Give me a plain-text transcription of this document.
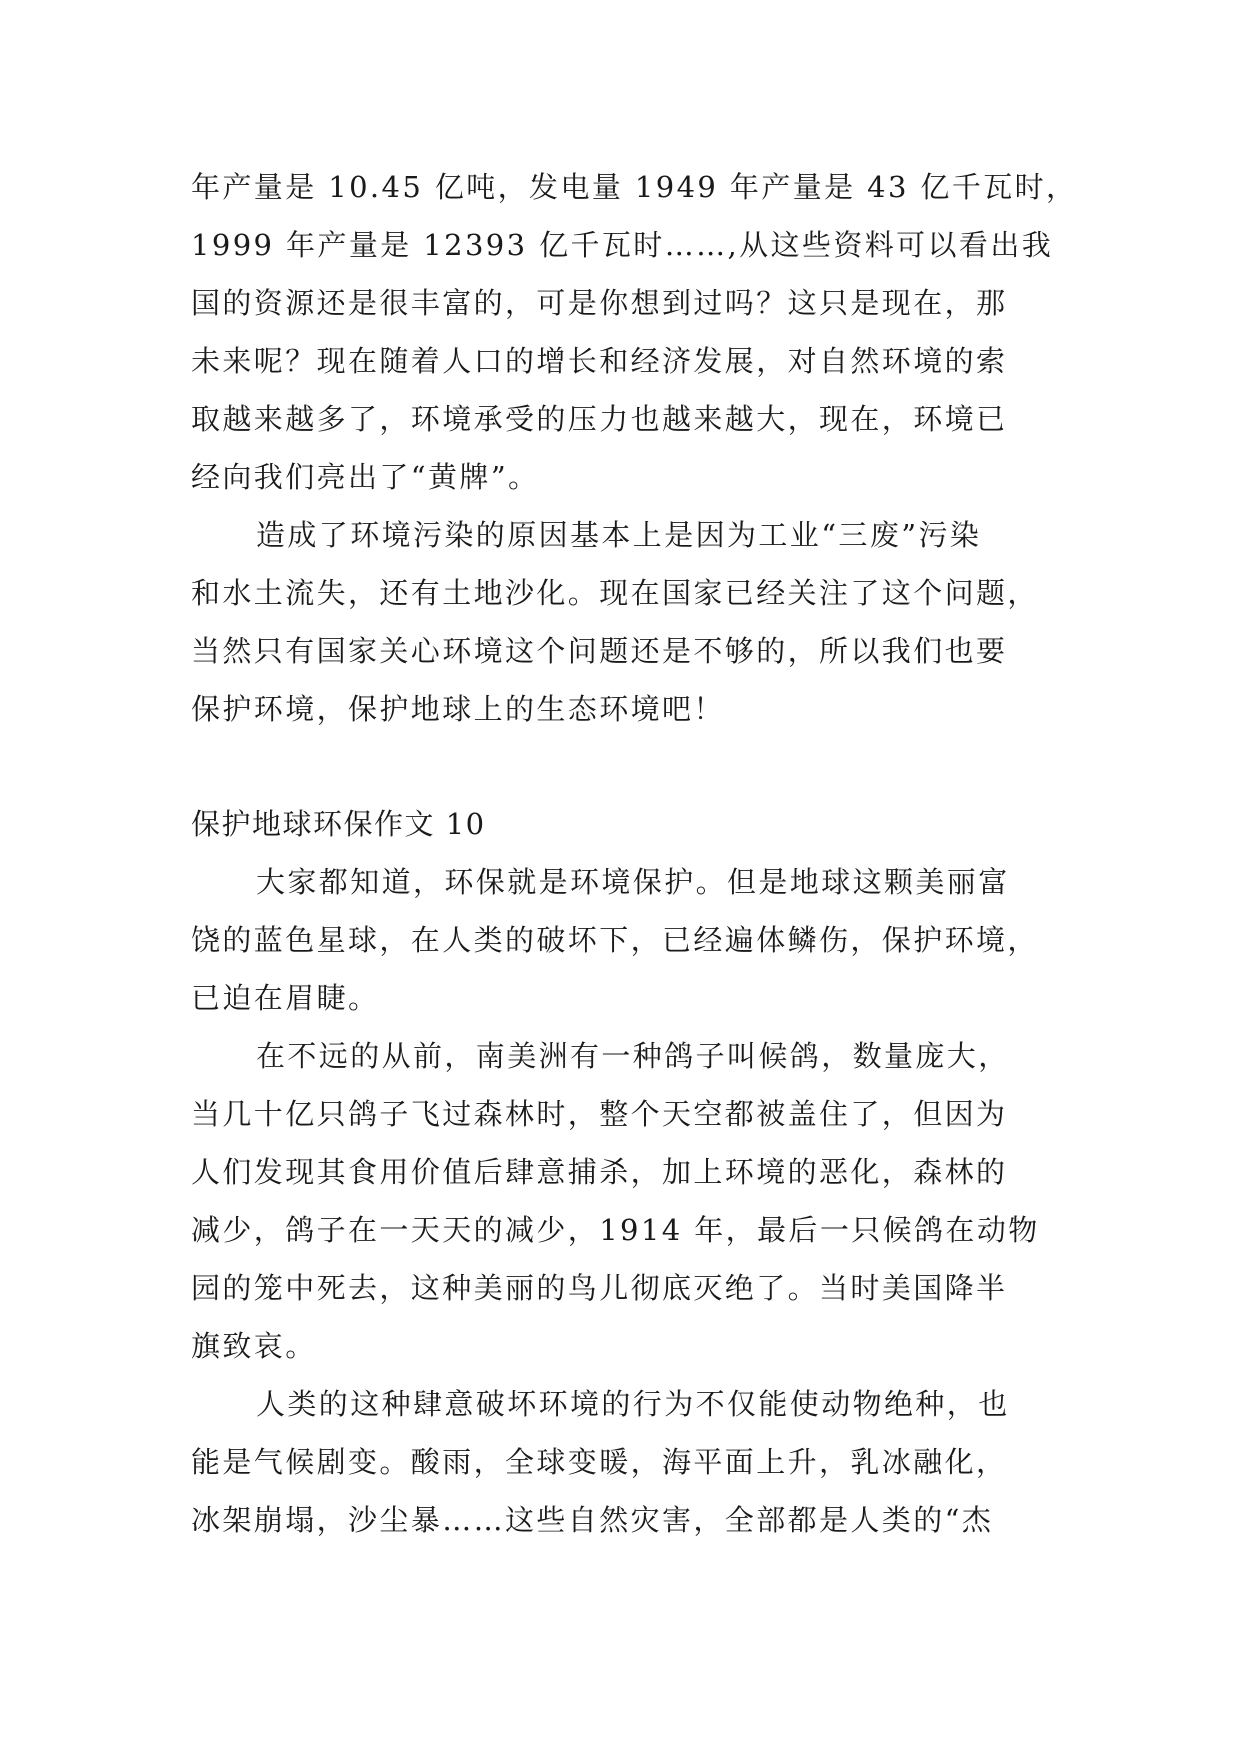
年产量是 10.45 亿吨，发电量 1949 年产量是 43 亿千瓦时，

1999 年产量是 12393 亿千瓦时……,从这些资料可以看出我

国的资源还是很丰富的，可是你想到过吗？这只是现在，那

未来呢？现在随着人口的增长和经济发展，对自然环境的索

取越来越多了，环境承受的压力也越来越大，现在，环境已

经向我们亮出了“黄牌”。

造成了环境污染的原因基本上是因为工业“三废”污染

和水土流失，还有土地沙化。现在国家已经关注了这个问题，

当然只有国家关心环境这个问题还是不够的，所以我们也要

保护环境，保护地球上的生态环境吧！

保护地球环保作文 10

大家都知道，环保就是环境保护。但是地球这颗美丽富

饶的蓝色星球，在人类的破坏下，已经遍体鳞伤，保护环境，

已迫在眉睫。

在不远的从前，南美洲有一种鸽子叫候鸽，数量庞大，

当几十亿只鸽子飞过森林时，整个天空都被盖住了，但因为

人们发现其食用价值后肆意捕杀，加上环境的恶化，森林的

减少，鸽子在一天天的减少，1914 年，最后一只候鸽在动物

园的笼中死去，这种美丽的鸟儿彻底灭绝了。当时美国降半

旗致哀。

人类的这种肆意破坏环境的行为不仅能使动物绝种，也

能是气候剧变。酸雨，全球变暖，海平面上升，乳冰融化，

冰架崩塌，沙尘暴……这些自然灾害，全部都是人类的“杰
